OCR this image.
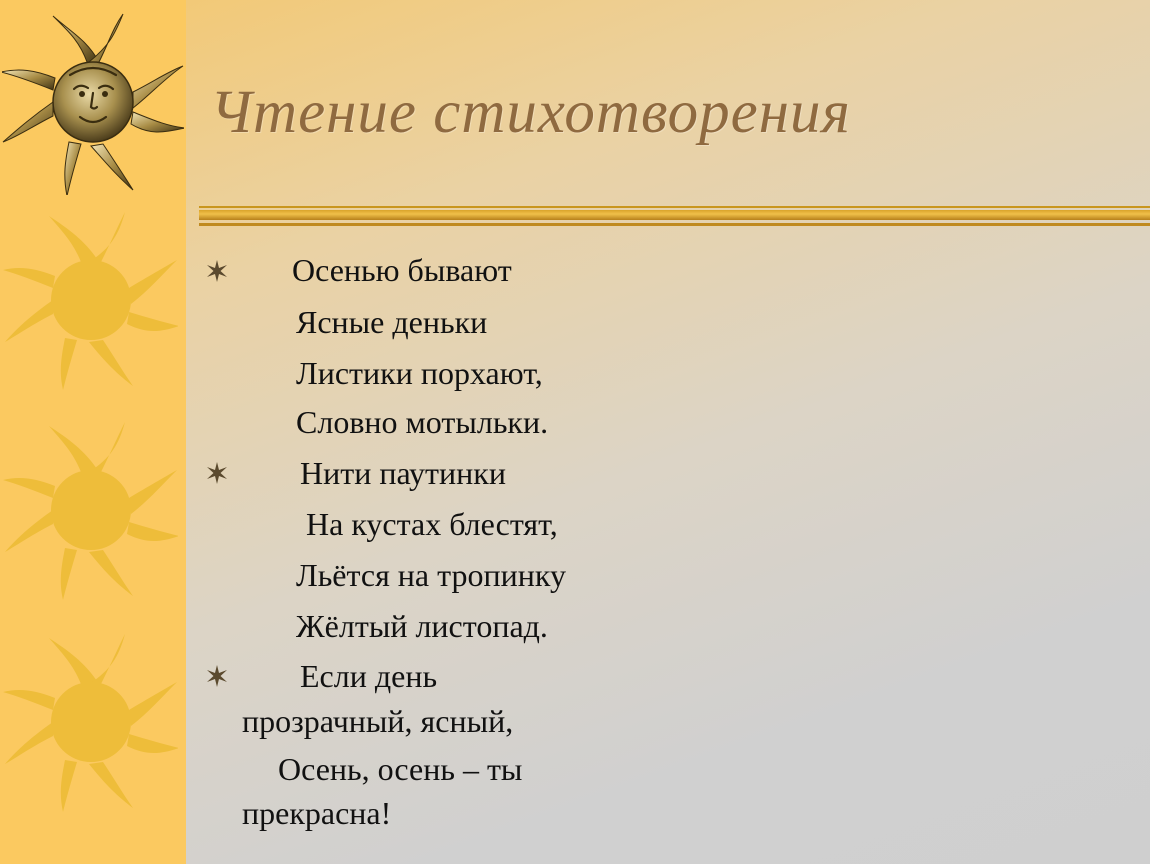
Чтение стихотворения
Осенью бывают
Ясные деньки
Листики порхают,
Словно мотыльки.
Нити паутинки
На кустах блестят,
Льётся на тропинку
Жёлтый листопад.
Если день
прозрачный, ясный,
Осень, осень – ты
прекрасна!
